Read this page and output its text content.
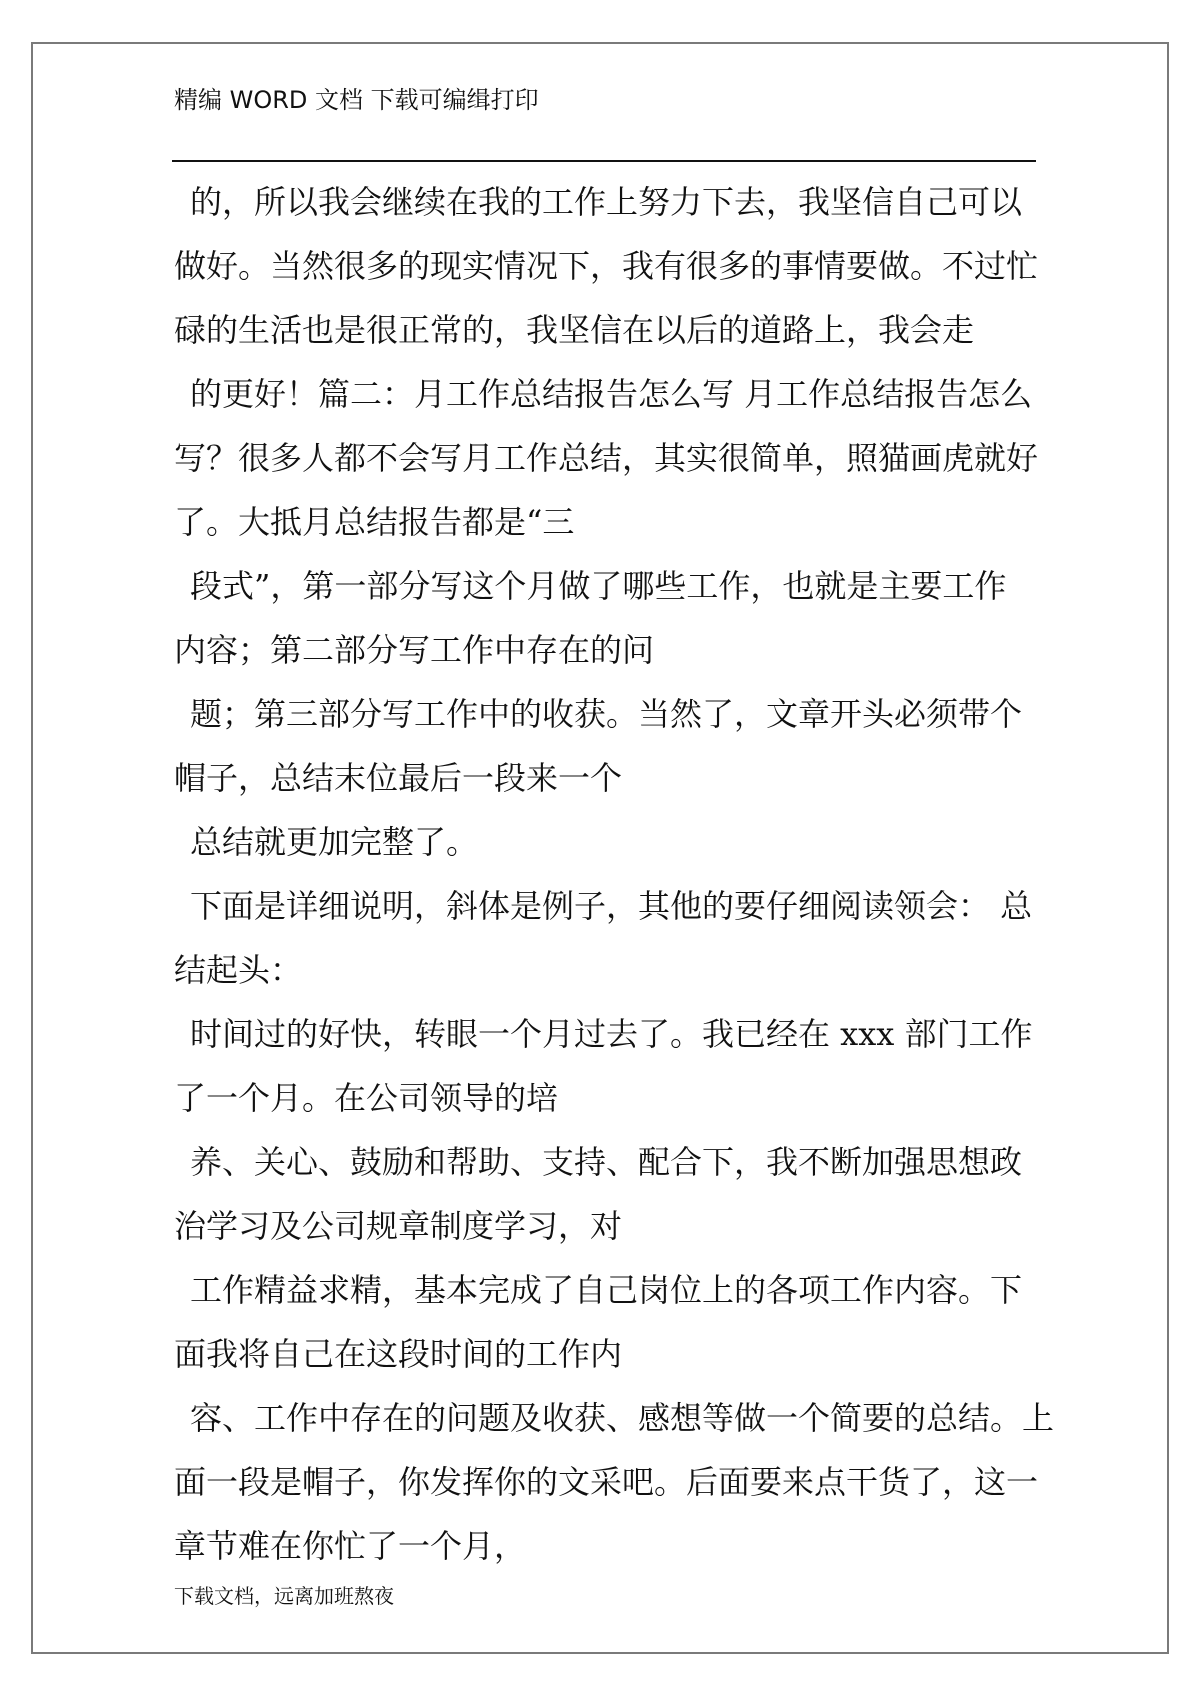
精编 WORD 文档 下载可编缉打印
的，所以我会继续在我的工作上努力下去，我坚信自己可以
做好。当然很多的现实情况下，我有很多的事情要做。不过忙
碌的生活也是很正常的，我坚信在以后的道路上，我会走
的更好！篇二：月工作总结报告怎么写 月工作总结报告怎么
写？很多人都不会写月工作总结，其实很简单，照猫画虎就好
了。大抵月总结报告都是“三
段式”，第一部分写这个月做了哪些工作，也就是主要工作
内容；第二部分写工作中存在的问
题；第三部分写工作中的收获。当然了，文章开头必须带个
帽子，总结末位最后一段来一个
总结就更加完整了。
下面是详细说明，斜体是例子，其他的要仔细阅读领会： 总
结起头：
时间过的好快，转眼一个月过去了。我已经在 xxx 部门工作
了一个月。在公司领导的培
养、关心、鼓励和帮助、支持、配合下，我不断加强思想政
治学习及公司规章制度学习，对
工作精益求精，基本完成了自己岗位上的各项工作内容。下
面我将自己在这段时间的工作内
容、工作中存在的问题及收获、感想等做一个简要的总结。上
面一段是帽子，你发挥你的文采吧。后面要来点干货了，这一
章节难在你忙了一个月，
下载文档，远离加班熬夜
